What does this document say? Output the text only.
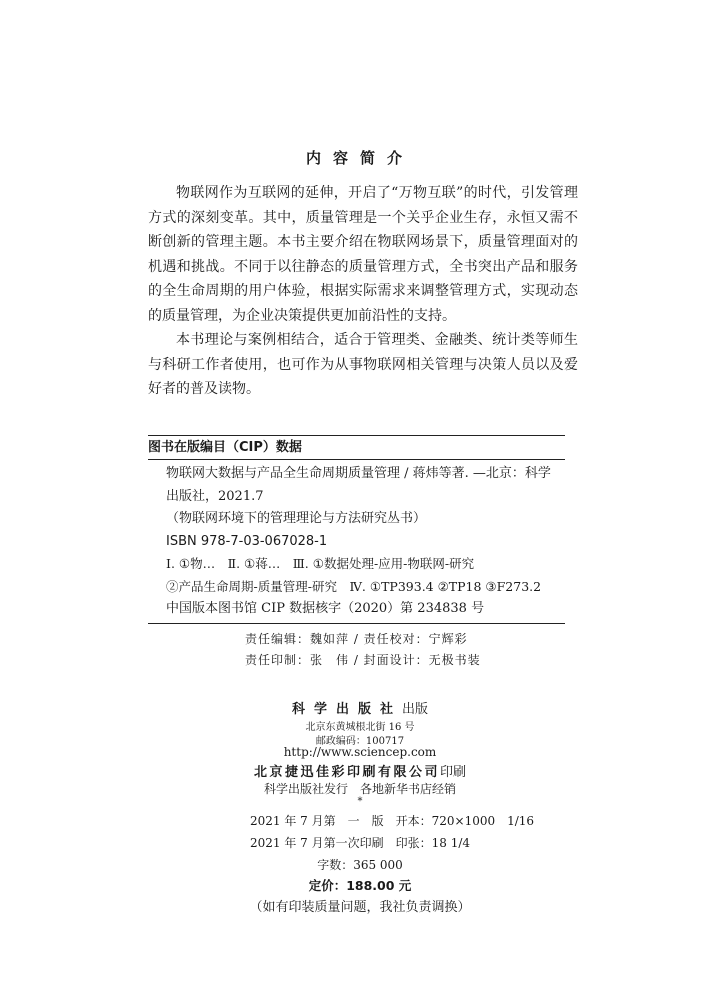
内容简介

物联网作为互联网的延伸，开启了“万物互联”的时代，引发管理方式的深刻变革。其中，质量管理是一个关乎企业生存，永恒又需不断创新的管理主题。本书主要介绍在物联网场景下，质量管理面对的机遇和挑战。不同于以往静态的质量管理方式，全书突出产品和服务的全生命周期的用户体验，根据实际需求来调整管理方式，实现动态的质量管理，为企业决策提供更加前沿性的支持。

本书理论与案例相结合，适合于管理类、金融类、统计类等师生与科研工作者使用，也可作为从事物联网相关管理与决策人员以及爱好者的普及读物。

图书在版编目（CIP）数据
物联网大数据与产品全生命周期质量管理 / 蒋炜等著. —北京：科学
出版社，2021.7
（物联网环境下的管理理论与方法研究丛书）
ISBN 978-7-03-067028-1
Ⅰ. ①物…　Ⅱ. ①蒋…　Ⅲ. ①数据处理-应用-物联网-研究
②产品生命周期-质量管理-研究　Ⅳ. ①TP393.4 ②TP18 ③F273.2
中国版本图书馆 CIP 数据核字（2020）第 234838 号
责任编辑：魏如萍 / 责任校对：宁辉彩
责任印制：张　伟 / 封面设计：无极书装
科学出版社出版
北京东黄城根北街 16 号
邮政编码：100717
http://www.sciencep.com
北京捷迅佳彩印刷有限公司印刷
科学出版社发行　各地新华书店经销
*
2021 年 7 月第　一　版　开本：720×1000　1/16
2021 年 7 月第一次印刷　印张：18 1/4
字数：365 000
定价：188.00 元
（如有印装质量问题，我社负责调换）
